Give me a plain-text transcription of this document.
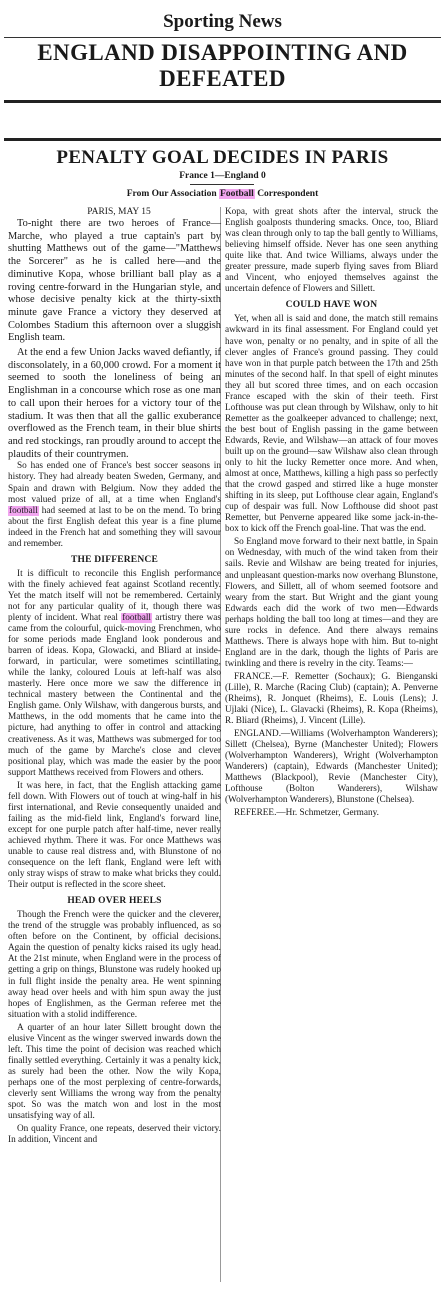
Sporting News
ENGLAND DISAPPOINTING AND DEFEATED
PENALTY GOAL DECIDES IN PARIS
France 1—England 0
From Our Association Football Correspondent

PARIS, MAY 15

To-night there are two heroes of France—Marche, who played a true captain's part by shutting Matthews out of the game—"Matthews the Sorcerer" as he is called here—and the diminutive Kopa, whose brilliant ball play as a roving centre-forward in the Hungarian style, and whose decisive penalty kick at the thirty-sixth minute gave France a victory they deserved at Colombes Stadium this afternoon over a sluggish English team.

At the end a few Union Jacks waved defiantly, if disconsolately, in a 60,000 crowd. For a moment it seemed to sooth the loneliness of being an Englishman in a concourse which rose as one man to call upon their heroes for a victory tour of the stadium. It was then that all the gallic exuberance overflowed as the French team, in their blue shirts and red stockings, ran proudly around to accept the plaudits of their countrymen.

So has ended one of France's best soccer seasons in history. They had already beaten Sweden, Germany, and Spain and drawn with Belgium. Now they added the most valued prize of all, at a time when England's football had seemed at last to be on the mend. To bring about the first English defeat this year is a fine plume indeed in the French hat and something they will savour and remember.

THE DIFFERENCE

It is difficult to reconcile this English performance with the finely achieved feat against Scotland recently. Yet the match itself will not be remembered. Certainly not for any particular quality of it, though there was plenty of incident. What real football artistry there was came from the colourful, quick-moving Frenchmen, who for some periods made England look ponderous and barren of ideas. Kopa, Glowacki, and Bliard at inside-forward, in particular, were sometimes scintillating, while the lanky, coloured Louis at left-half was also masterly. Here once more we saw the difference in technical mastery between the Continental and the English game. Only Wilshaw, with dangerous bursts, and Matthews, in the odd moments that he came into the picture, had anything to offer in control and attacking creativeness. As it was, Matthews was submerged for too much of the game by Marche's close and clever positional play, which was made the easier by the poor support Matthews received from Flowers and others.

It was here, in fact, that the English attacking game fell down. With Flowers out of touch at wing-half in his first international, and Revie consequently unaided and failing as the mid-field link, England's forward line, except for one purple patch after half-time, never really achieved rhythm. There it was. For once Matthews was unable to cause real distress and, with Blunstone of no consequence on the left flank, England were left with only stray wisps of straw to make what bricks they could. Their output is reflected in the score sheet.

HEAD OVER HEELS

Though the French were the quicker and the cleverer, the trend of the struggle was probably influenced, as so often before on the Continent, by official decisions. Again the question of penalty kicks raised its ugly head. At the 21st minute, when England were in the process of getting a grip on things, Blunstone was rudely hooked up in full flight inside the penalty area. He went spinning away head over heels and with him spun away the just hopes of Englishmen, as the German referee met the situation with a stolid indifference.

A quarter of an hour later Sillett brought down the elusive Vincent as the winger swerved inwards down the left. This time the point of decision was reached which finally settled everything. Certainly it was a penalty kick, as surely had been the other. Now the wily Kopa, perhaps one of the most perplexing of centre-forwards, cleverly sent Williams the wrong way from the penalty spot. So was the match won and lost in the most unsatisfying way of all.

On quality France, one repeats, deserved their victory. In addition, Vincent and

Kopa, with great shots after the interval, struck the English goalposts thundering smacks. Once, too, Bliard was clean through only to tap the ball gently to Williams, believing himself offside. Never has one seen anything quite like that. And twice Williams, always under the greater pressure, made superb flying saves from Bliard and Vincent, who enjoyed themselves against the uncertain defence of Flowers and Sillett.

COULD HAVE WON

Yet, when all is said and done, the match still remains awkward in its final assessment. For England could yet have won, penalty or no penalty, and in spite of all the clever angles of France's ground passing. They could have won in that purple patch between the 17th and 25th minutes of the second half. In that spell of eight minutes they all but scored three times, and on each occasion France escaped with the skin of their teeth. First Lofthouse was put clean through by Wilshaw, only to hit Remetter as the goalkeeper advanced to challenge; next, the best bout of English passing in the game between Edwards, Revie, and Wilshaw—an attack of four moves built up on the ground—saw Wilshaw also clean through only to hit the lucky Remetter once more. And when, almost at once, Matthews, killing a high pass so perfectly that the crowd gasped and stirred like a huge monster shifting in its sleep, put Lofthouse clear again, England's cup of despair was full. Now Lofthouse did shoot past Remetter, but Penverne appeared like some jack-in-the-box to kick off the French goal-line. That was the end.

So England move forward to their next battle, in Spain on Wednesday, with much of the wind taken from their sails. Revie and Wilshaw are being treated for injuries, and unpleasant question-marks now overhang Blunstone, Flowers, and Sillett, all of whom seemed footsore and weary from the start. But Wright and the giant young Edwards each did the work of two men—Edwards perhaps holding the ball too long at times—and they are sure rocks in defence. And there always remains Matthews. There is always hope with him. But to-night England are in the dark, though the lights of Paris are twinkling and there is revelry in the city. Teams:—

FRANCE.—F. Remetter (Sochaux); G. Bienganski (Lille), R. Marche (Racing Club) (captain); A. Penverne (Rheims), R. Jonquet (Rheims), E. Louis (Lens); J. Ujlaki (Nice), L. Glavacki (Rheims), R. Kopa (Rheims), R. Bliard (Rheims), J. Vincent (Lille).

ENGLAND.—Williams (Wolverhampton Wanderers); Sillett (Chelsea), Byrne (Manchester United); Flowers (Wolverhampton Wanderers), Wright (Wolverhampton Wanderers) (captain), Edwards (Manchester United); Matthews (Blackpool), Revie (Manchester City), Lofthouse (Bolton Wanderers), Wilshaw (Wolverhampton Wanderers), Blunstone (Chelsea).

REFEREE.—Hr. Schmetzer, Germany.
